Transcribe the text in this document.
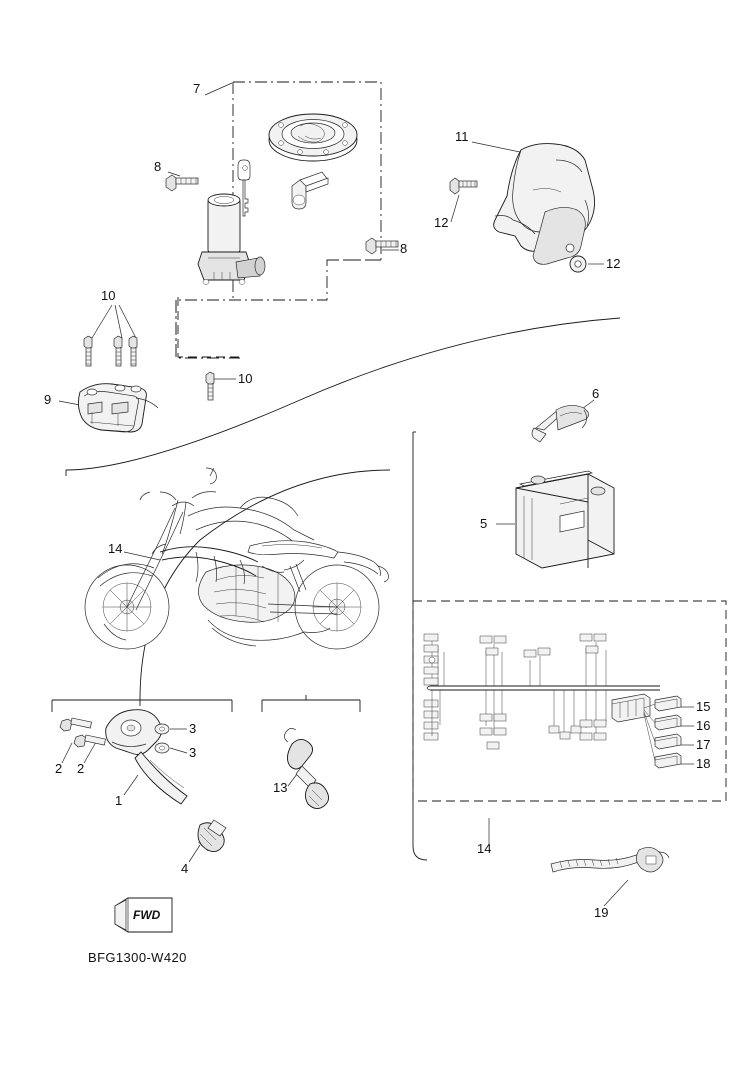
7
8
8
11
12
12
10
10
9	6
5
14
3
3
2 2
1
4
13
15
16
17
18
14
19
FWD
BFG1300-W420
